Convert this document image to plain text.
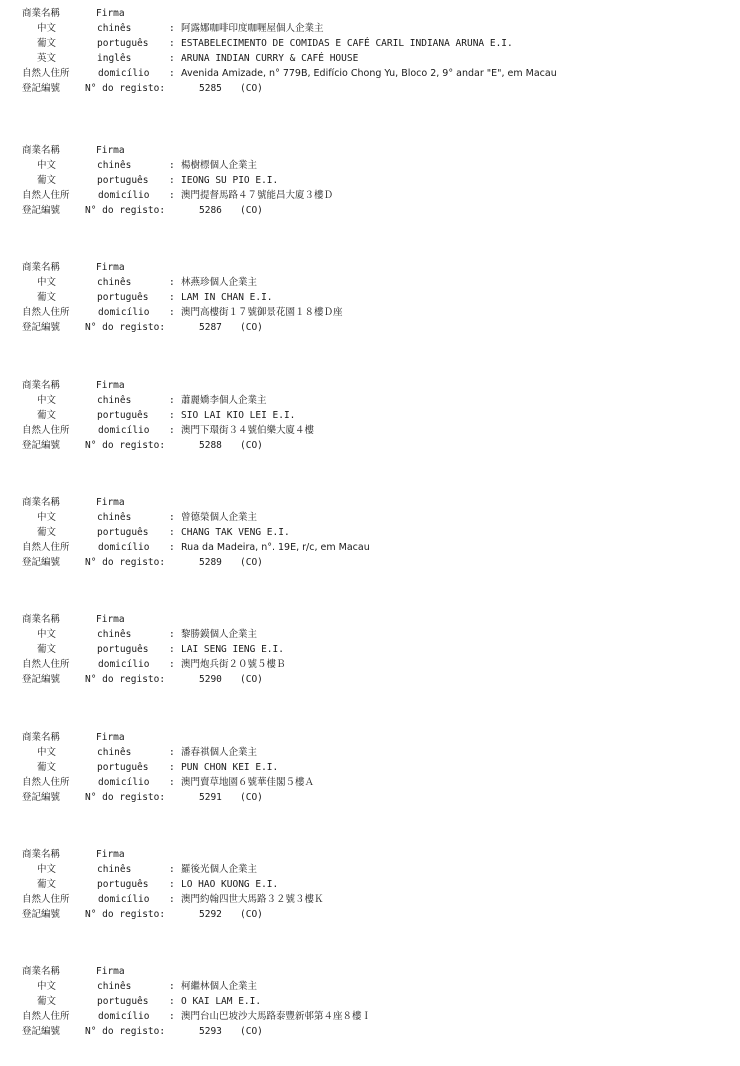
商業名稱	Firma
中文	chinês	: 阿露娜咖啡印度咖喱屋個人企業主
葡文	português : ESTABELECIMENTO DE COMIDAS E CAFÉ CARIL INDIANA ARUNA E.I.
英文	inglês	: ARUNA INDIAN CURRY & CAFÉ HOUSE
自然人住所	domicílio : Avenida Amizade, n° 779B, Edifício Chong Yu, Bloco 2, 9° andar "E", em Macau
登記編號	N° do registo:	5285 (CO)
商業名稱	Firma
中文	chinês	: 楊樹標個人企業主
葡文	português : IEONG SU PIO E.I.
自然人住所	domicílio : 澳門提督馬路４７號能昌大廈３樓Ｄ
登記編號	N° do registo:	5286 (CO)
商業名稱	Firma
中文	chinês	: 林燕珍個人企業主
葡文	português : LAM IN CHAN E.I.
自然人住所	domicílio : 澳門高樓街１７號御景花園１８樓Ｄ座
登記編號	N° do registo:	5287 (CO)
商業名稱	Firma
中文	chinês	: 蕭麗嬌李個人企業主
葡文	português : SIO LAI KIO LEI E.I.
自然人住所	domicílio : 澳門下環街３４號伯樂大廈４樓
登記編號	N° do registo:	5288 (CO)
商業名稱	Firma
中文	chinês	: 曾德榮個人企業主
葡文	português : CHANG TAK VENG E.I.
自然人住所	domicílio : Rua da Madeira, n°. 19E, r/c, em Macau
登記編號	N° do registo:	5289 (CO)
商業名稱	Firma
中文	chinês	: 黎勝鏌個人企業主
葡文	português : LAI SENG IENG E.I.
自然人住所	domicílio : 澳門炮兵街２０號５樓Ｂ
登記編號	N° do registo:	5290 (CO)
商業名稱	Firma
中文	chinês	: 潘春祺個人企業主
葡文	português : PUN CHON KEI E.I.
自然人住所	domicílio : 澳門賣草地園６號華佳閣５樓Ａ
登記編號	N° do registo:	5291 (CO)
商業名稱	Firma
中文	chinês	: 羅後光個人企業主
葡文	português : LO HAO KUONG E.I.
自然人住所	domicílio : 澳門約翰四世大馬路３２號３樓Ｋ
登記編號	N° do registo:	5292 (CO)
商業名稱	Firma
中文	chinês	: 柯繼林個人企業主
葡文	português : O KAI LAM E.I.
自然人住所	domicílio : 澳門台山巴坡沙大馬路泰豐新邨第４座８樓Ｉ
登記編號	N° do registo:	5293 (CO)
